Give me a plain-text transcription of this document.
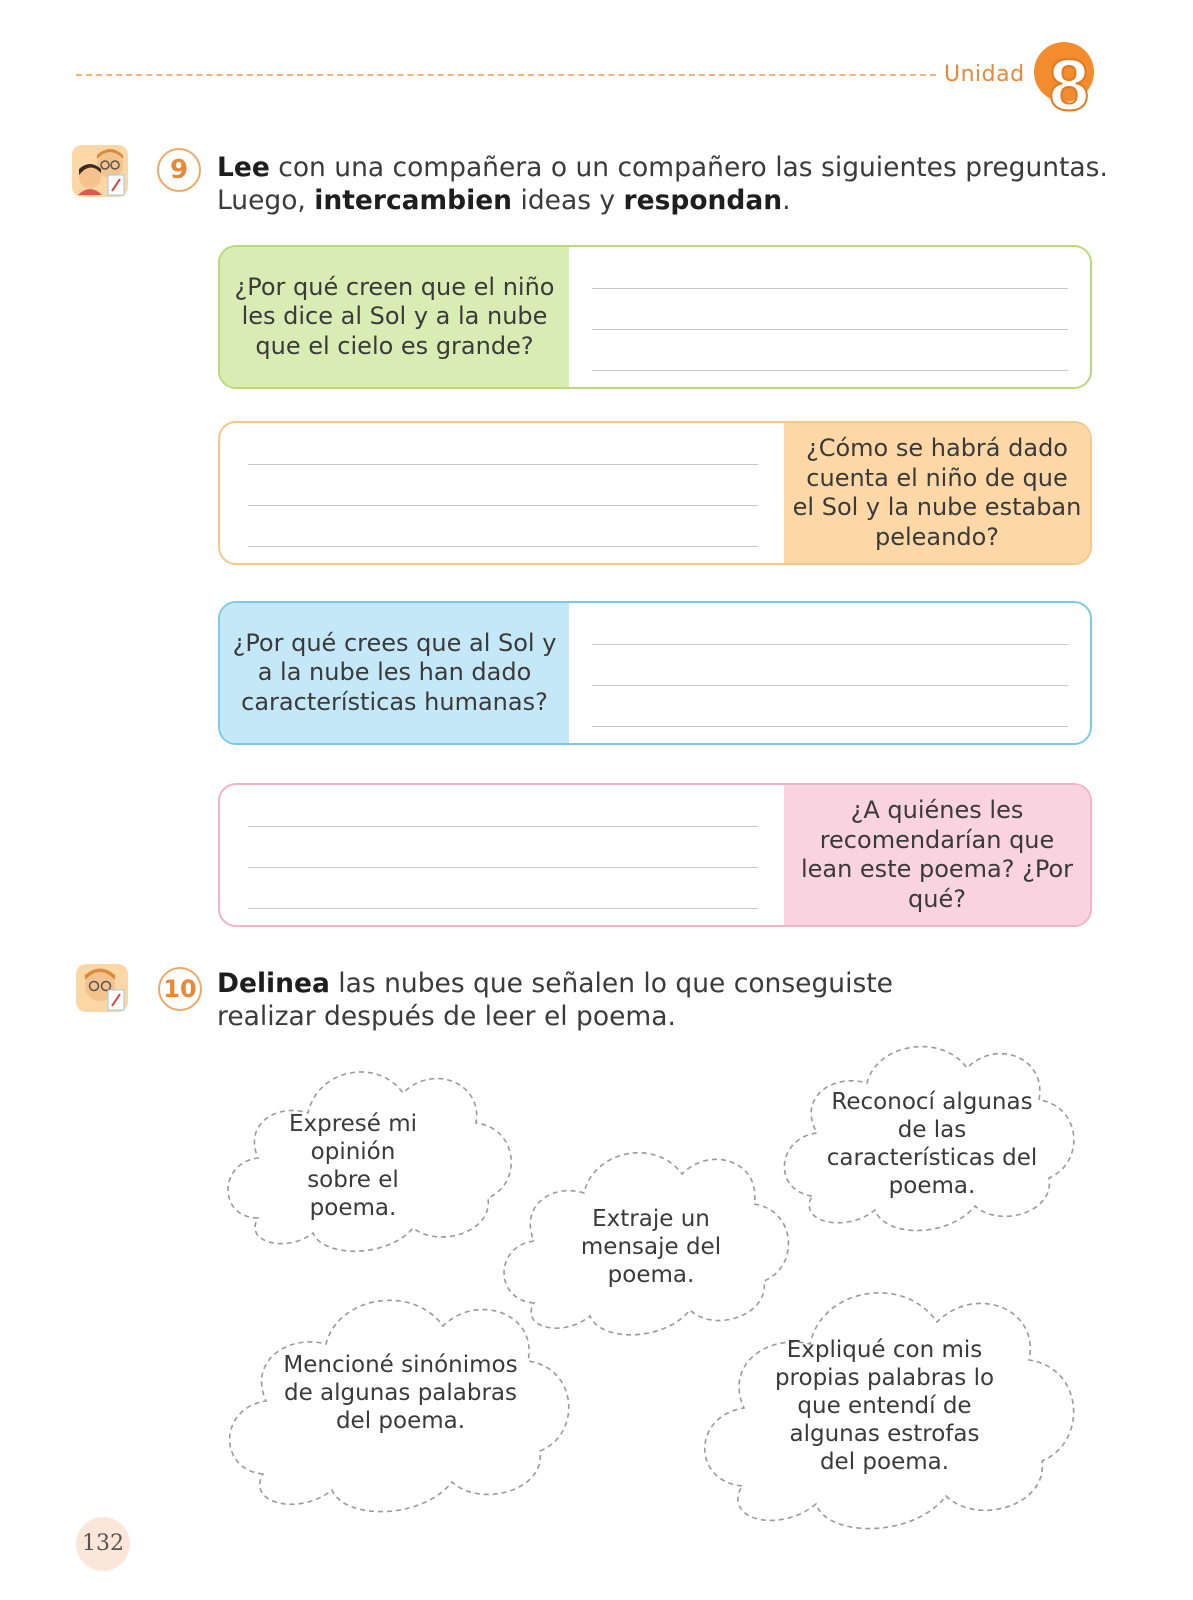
Unidad 8
9	Lee con una compañera o un compañero las siguientes preguntas. Luego, intercambien ideas y respondan.
¿Por qué creen que el niño les dice al Sol y a la nube que el cielo es grande?
¿Cómo se habrá dado cuenta el niño de que el Sol y la nube estaban peleando?
¿Por qué crees que al Sol y a la nube les han dado características humanas?
¿A quiénes les recomendarían que lean este poema? ¿Por qué?
10 Delinea las nubes que señalen lo que conseguiste realizar después de leer el poema.
Expresé mi opinión sobre el poema.
Reconocí algunas de las características del poema.
Extraje un mensaje del poema.
Mencioné sinónimos de algunas palabras del poema.
Expliqué con mis propias palabras lo que entendí de algunas estrofas del poema.
132
